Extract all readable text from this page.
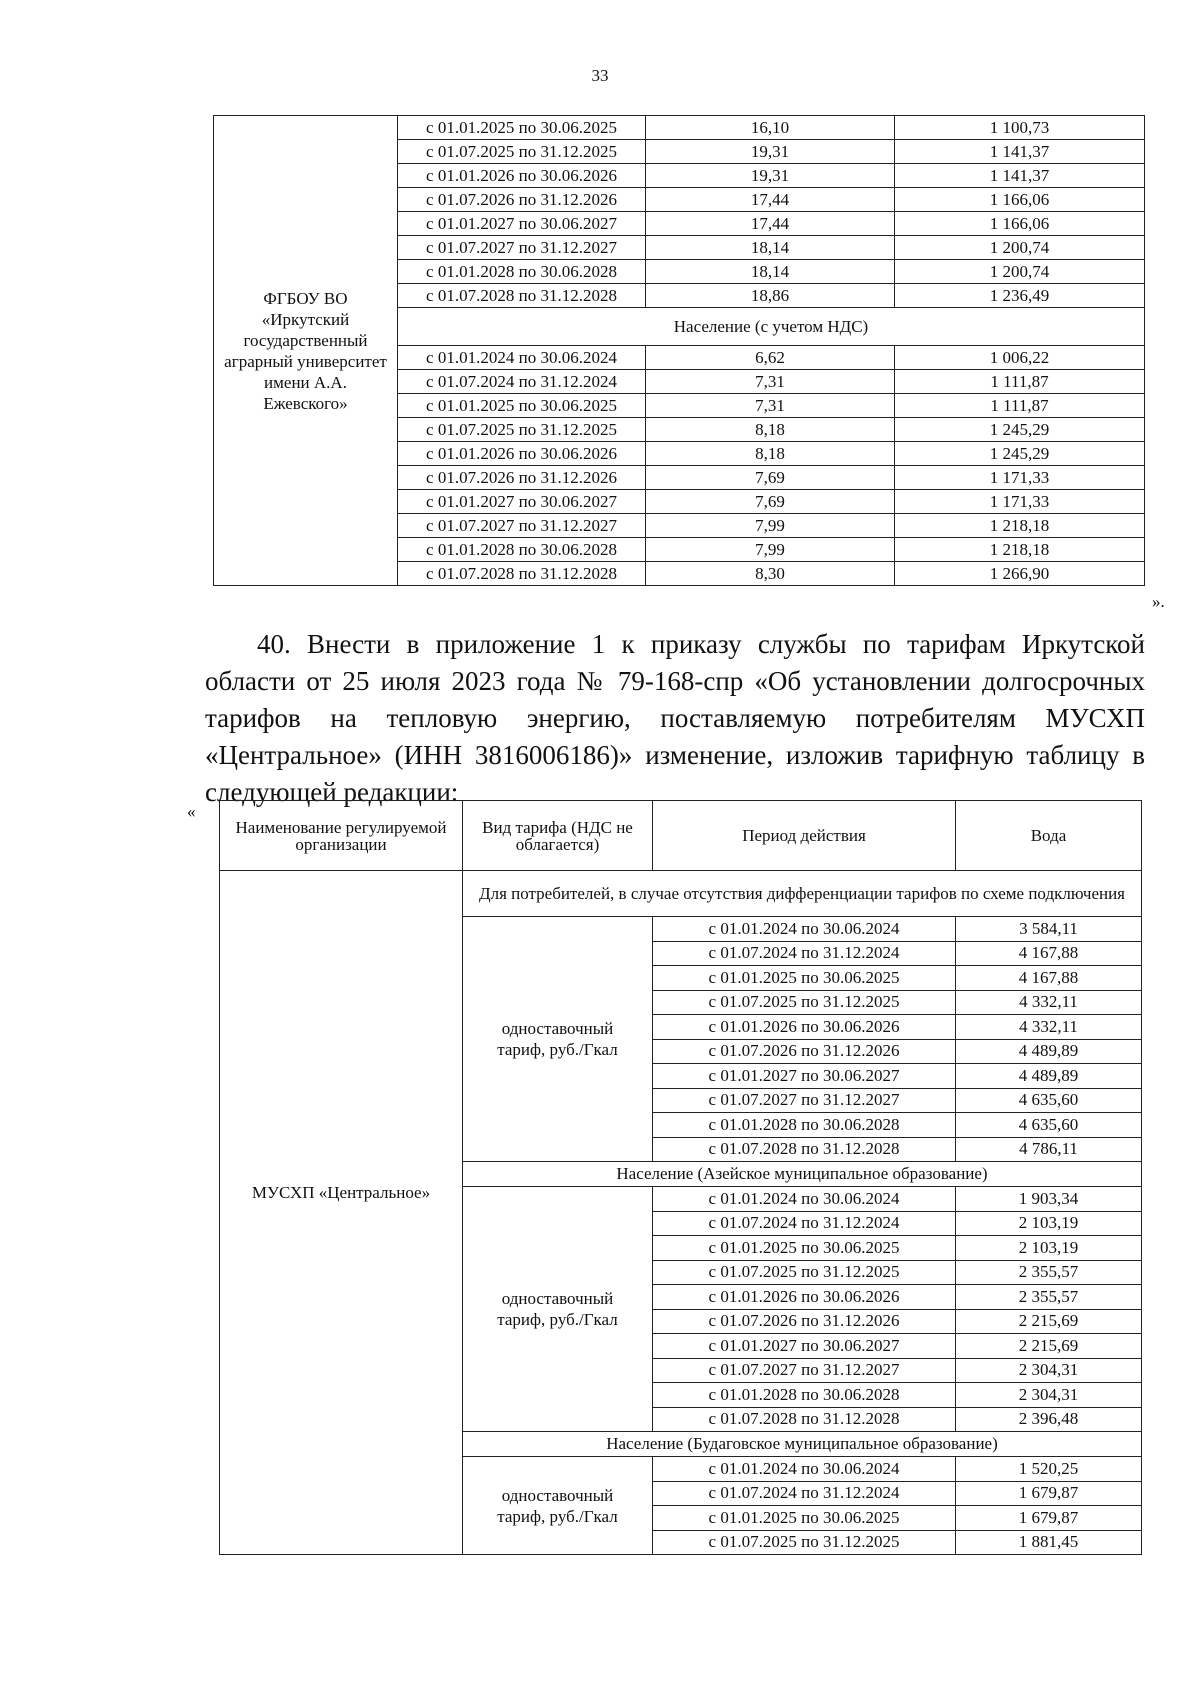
33
ФГБОУ ВО «Иркутский государственный аграрный университет имени А.А. Ежевского»	с 01.01.2025 по 30.06.2025	16,10	1 100,73
	с 01.07.2025 по 31.12.2025	19,31	1 141,37
	с 01.01.2026 по 30.06.2026	19,31	1 141,37
	с 01.07.2026 по 31.12.2026	17,44	1 166,06
	с 01.01.2027 по 30.06.2027	17,44	1 166,06
	с 01.07.2027 по 31.12.2027	18,14	1 200,74
	с 01.01.2028 по 30.06.2028	18,14	1 200,74
	с 01.07.2028 по 31.12.2028	18,86	1 236,49
	Население (с учетом НДС)		
	с 01.01.2024 по 30.06.2024	6,62	1 006,22
	с 01.07.2024 по 31.12.2024	7,31	1 111,87
	с 01.01.2025 по 30.06.2025	7,31	1 111,87
	с 01.07.2025 по 31.12.2025	8,18	1 245,29
	с 01.01.2026 по 30.06.2026	8,18	1 245,29
	с 01.07.2026 по 31.12.2026	7,69	1 171,33
	с 01.01.2027 по 30.06.2027	7,69	1 171,33
	с 01.07.2027 по 31.12.2027	7,99	1 218,18
	с 01.01.2028 по 30.06.2028	7,99	1 218,18
	с 01.07.2028 по 31.12.2028	8,30	1 266,90
».
40. Внести в приложение 1 к приказу службы по тарифам Иркутской области от 25 июля 2023 года № 79-168-спр «Об установлении долгосрочных тарифов на тепловую энергию, поставляемую потребителям МУСХП «Центральное» (ИНН 3816006186)» изменение, изложив тарифную таблицу в следующей редакции:
«
Наименование регулируемой организации	Вид тарифа (НДС не облагается)	Период действия	Вода
МУСХП «Центральное»	Для потребителей, в случае отсутствия дифференциации тарифов по схеме подключения		
	одноставочный тариф, руб./Гкал	с 01.01.2024 по 30.06.2024	3 584,11
		с 01.07.2024 по 31.12.2024	4 167,88
		с 01.01.2025 по 30.06.2025	4 167,88
		с 01.07.2025 по 31.12.2025	4 332,11
		с 01.01.2026 по 30.06.2026	4 332,11
		с 01.07.2026 по 31.12.2026	4 489,89
		с 01.01.2027 по 30.06.2027	4 489,89
		с 01.07.2027 по 31.12.2027	4 635,60
		с 01.01.2028 по 30.06.2028	4 635,60
		с 01.07.2028 по 31.12.2028	4 786,11
	Население (Азейское муниципальное образование)		
	одноставочный тариф, руб./Гкал	с 01.01.2024 по 30.06.2024	1 903,34
		с 01.07.2024 по 31.12.2024	2 103,19
		с 01.01.2025 по 30.06.2025	2 103,19
		с 01.07.2025 по 31.12.2025	2 355,57
		с 01.01.2026 по 30.06.2026	2 355,57
		с 01.07.2026 по 31.12.2026	2 215,69
		с 01.01.2027 по 30.06.2027	2 215,69
		с 01.07.2027 по 31.12.2027	2 304,31
		с 01.01.2028 по 30.06.2028	2 304,31
		с 01.07.2028 по 31.12.2028	2 396,48
	Население (Будаговское муниципальное образование)		
	одноставочный тариф, руб./Гкал	с 01.01.2024 по 30.06.2024	1 520,25
		с 01.07.2024 по 31.12.2024	1 679,87
		с 01.01.2025 по 30.06.2025	1 679,87
		с 01.07.2025 по 31.12.2025	1 881,45
